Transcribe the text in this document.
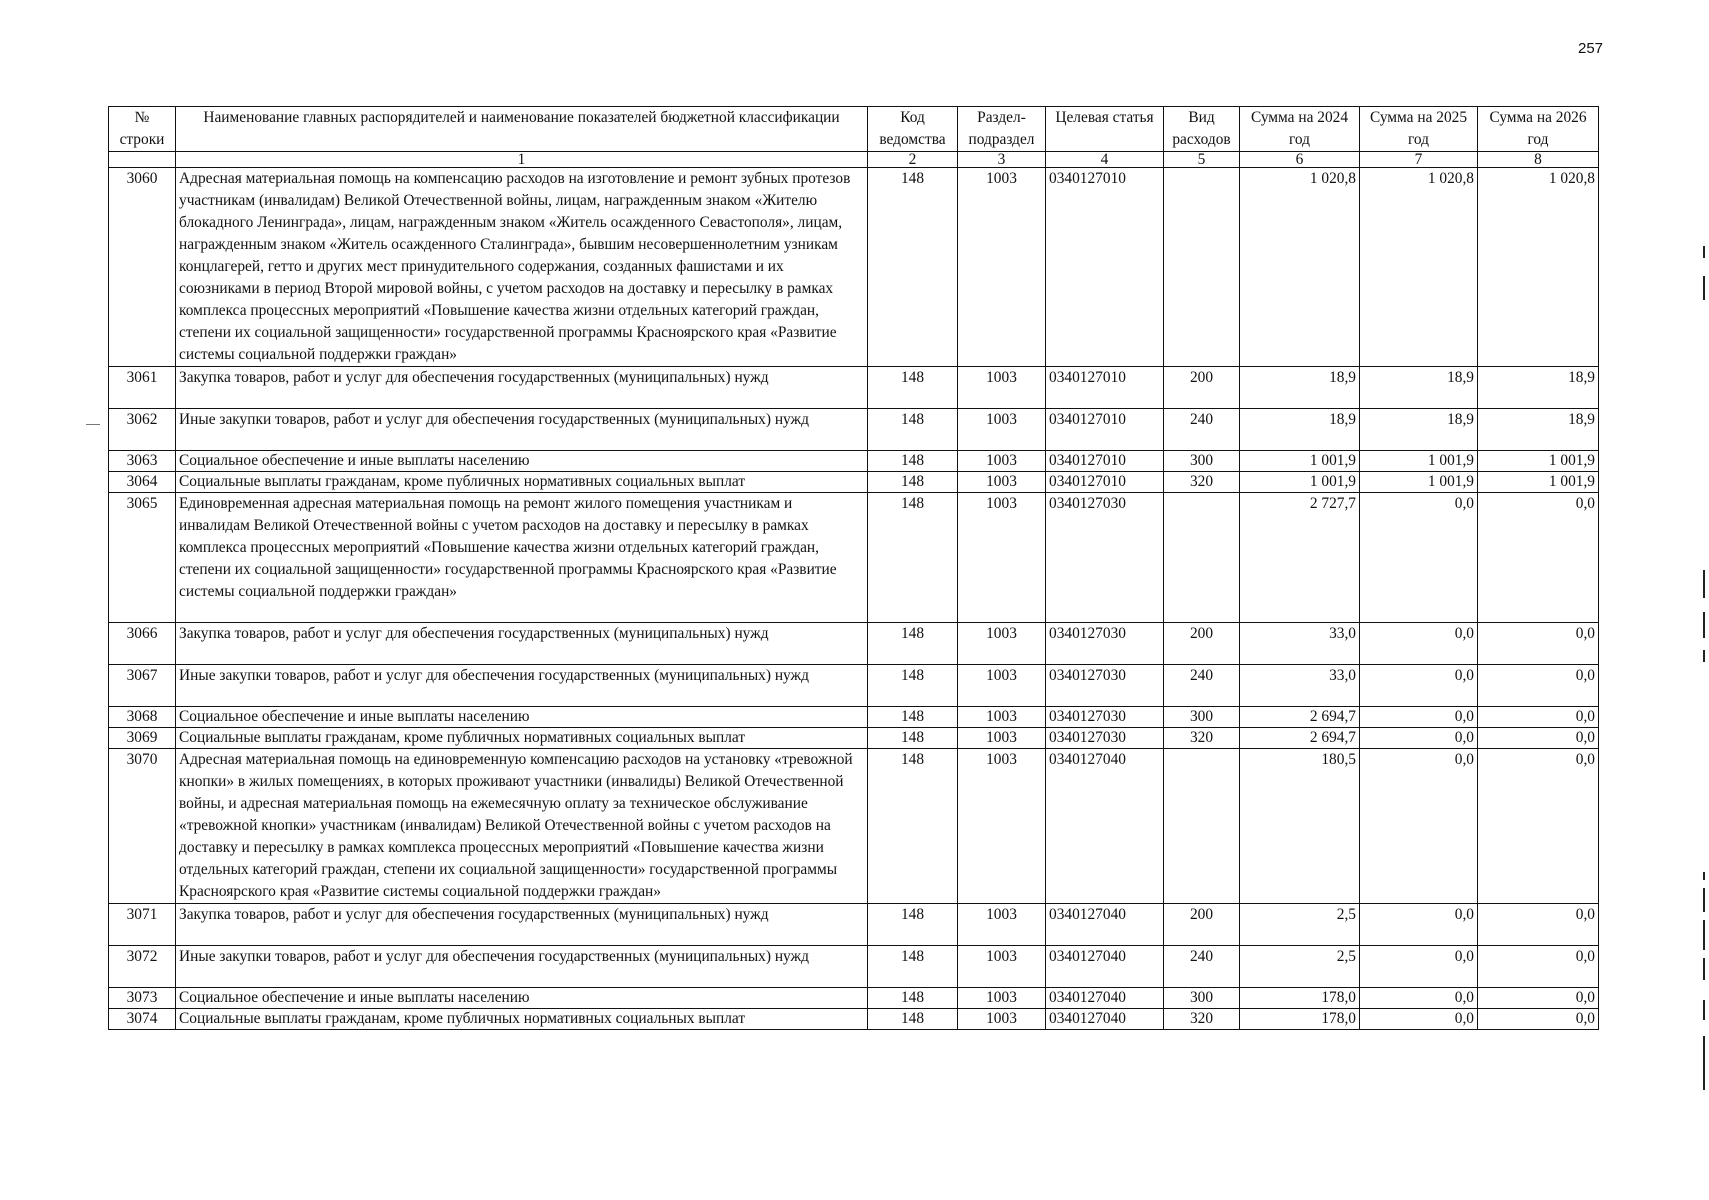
257
№ строки	Наименование главных распорядителей и наименование показателей бюджетной классификации	Код ведомства	Раздел-подраздел	Целевая статья	Вид расходов	Сумма на 2024 год	Сумма на 2025 год	Сумма на 2026 год
	1	2	3	4	5	6	7	8
3060	Адресная материальная помощь на компенсацию расходов на изготовление и ремонт зубных протезов участникам (инвалидам) Великой Отечественной войны, лицам, награжденным знаком «Жителю блокадного Ленинграда», лицам, награжденным знаком «Житель осажденного Севастополя», лицам, награжденным знаком «Житель осажденного Сталинграда», бывшим несовершеннолетним узникам концлагерей, гетто и других мест принудительного содержания, созданных фашистами и их союзниками в период Второй мировой войны, с учетом расходов на доставку и пересылку в рамках комплекса процессных мероприятий «Повышение качества жизни отдельных категорий граждан, степени их социальной защищенности» государственной программы Красноярского края «Развитие системы социальной поддержки граждан»	148	1003	0340127010		1 020,8	1 020,8	1 020,8
3061	Закупка товаров, работ и услуг для обеспечения государственных (муниципальных) нужд	148	1003	0340127010	200	18,9	18,9	18,9
3062	Иные закупки товаров, работ и услуг для обеспечения государственных (муниципальных) нужд	148	1003	0340127010	240	18,9	18,9	18,9
3063	Социальное обеспечение и иные выплаты населению	148	1003	0340127010	300	1 001,9	1 001,9	1 001,9
3064	Социальные выплаты гражданам, кроме публичных нормативных социальных выплат	148	1003	0340127010	320	1 001,9	1 001,9	1 001,9
3065	Единовременная адресная материальная помощь на ремонт жилого помещения участникам и инвалидам Великой Отечественной войны с учетом расходов на доставку и пересылку в рамках комплекса процессных мероприятий «Повышение качества жизни отдельных категорий граждан, степени их социальной защищенности» государственной программы Красноярского края «Развитие системы социальной поддержки граждан»	148	1003	0340127030		2 727,7	0,0	0,0
3066	Закупка товаров, работ и услуг для обеспечения государственных (муниципальных) нужд	148	1003	0340127030	200	33,0	0,0	0,0
3067	Иные закупки товаров, работ и услуг для обеспечения государственных (муниципальных) нужд	148	1003	0340127030	240	33,0	0,0	0,0
3068	Социальное обеспечение и иные выплаты населению	148	1003	0340127030	300	2 694,7	0,0	0,0
3069	Социальные выплаты гражданам, кроме публичных нормативных социальных выплат	148	1003	0340127030	320	2 694,7	0,0	0,0
3070	Адресная материальная помощь на единовременную компенсацию расходов на установку «тревожной кнопки» в жилых помещениях, в которых проживают участники (инвалиды) Великой Отечественной войны, и адресная материальная помощь на ежемесячную оплату за техническое обслуживание «тревожной кнопки» участникам (инвалидам) Великой Отечественной войны с учетом расходов на доставку и пересылку в рамках комплекса процессных мероприятий «Повышение качества жизни отдельных категорий граждан, степени их социальной защищенности» государственной программы Красноярского края «Развитие системы социальной поддержки граждан»	148	1003	0340127040		180,5	0,0	0,0
3071	Закупка товаров, работ и услуг для обеспечения государственных (муниципальных) нужд	148	1003	0340127040	200	2,5	0,0	0,0
3072	Иные закупки товаров, работ и услуг для обеспечения государственных (муниципальных) нужд	148	1003	0340127040	240	2,5	0,0	0,0
3073	Социальное обеспечение и иные выплаты населению	148	1003	0340127040	300	178,0	0,0	0,0
3074	Социальные выплаты гражданам, кроме публичных нормативных социальных выплат	148	1003	0340127040	320	178,0	0,0	0,0
